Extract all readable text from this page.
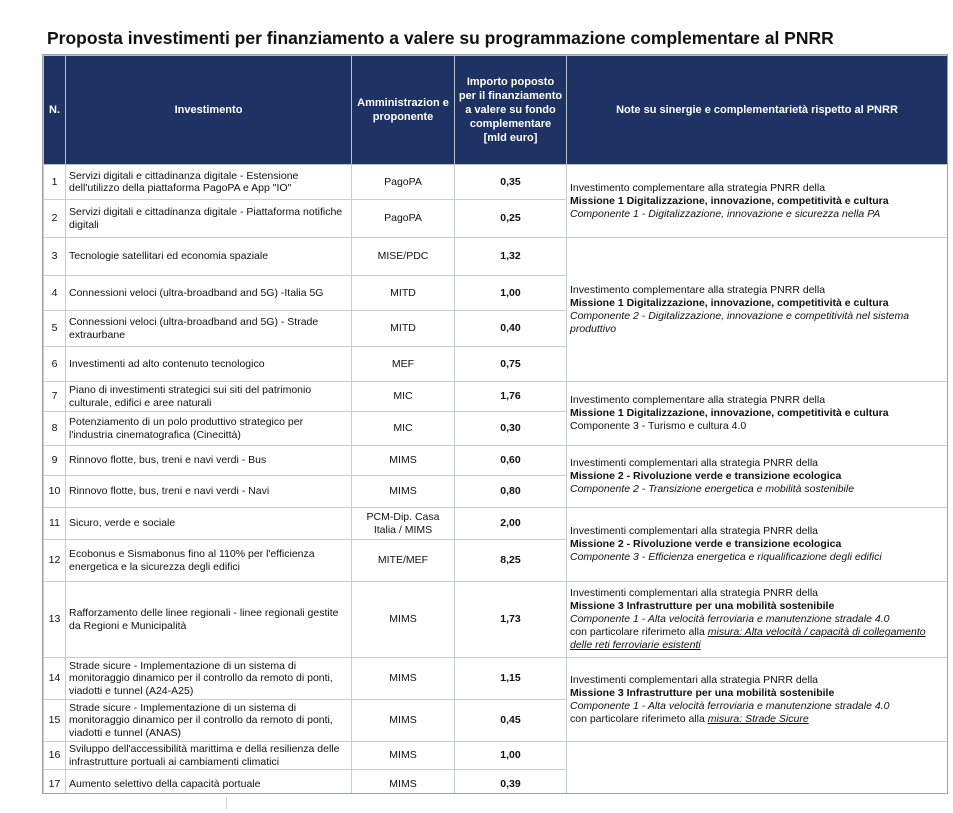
Proposta investimenti per finanziamento a valere su programmazione complementare al PNRR
N.	Investimento	Amministrazion e proponente	Importo poposto per il finanziamento a valere su fondo complementare [mld euro]	Note su sinergie e complementarietà rispetto al PNRR
1	Servizi digitali e cittadinanza digitale - Estensione dell'utilizzo della piattaforma PagoPA e App "IO"	PagoPA	0,35	Investimento complementare alla strategia PNRR della
Missione 1 Digitalizzazione, innovazione, competitività e cultura
Componente 1 - Digitalizzazione, innovazione e sicurezza nella PA

2	Servizi digitali e cittadinanza digitale - Piattaforma notifiche digitali	PagoPA	0,25	
3	Tecnologie satellitari ed economia spaziale	MISE/PDC	1,32	Investimento complementare alla strategia PNRR della
Missione 1 Digitalizzazione, innovazione, competitività e cultura
Componente 2 - Digitalizzazione, innovazione e competitività nel sistema produttivo

4	Connessioni veloci (ultra-broadband and 5G) -Italia 5G	MITD	1,00	
5	Connessioni veloci (ultra-broadband and 5G) - Strade extraurbane	MITD	0,40	
6	Investimenti ad alto contenuto tecnologico	MEF	0,75	
7	Piano di investimenti strategici sui siti del patrimonio culturale, edifici e aree naturali	MIC	1,76	Investimento complementare alla strategia PNRR della
Missione 1 Digitalizzazione, innovazione, competitività e cultura
Componente 3 - Turismo e cultura 4.0

8	Potenziamento di un polo produttivo strategico per l'industria cinematografica (Cinecittà)	MIC	0,30	
9	Rinnovo flotte, bus, treni e navi verdi - Bus	MIMS	0,60	Investimenti complementari alla strategia PNRR della
Missione 2 - Rivoluzione verde e transizione ecologica
Componente 2 - Transizione energetica e mobilità sostenibile

10	Rinnovo flotte, bus, treni e navi verdi - Navi	MIMS	0,80	
11	Sicuro, verde e sociale	PCM-Dip. Casa Italia / MIMS	2,00	Investimenti complementari alla strategia PNRR della
Missione 2 - Rivoluzione verde e transizione ecologica
Componente 3 - Efficienza energetica e riqualificazione degli edifici

12	Ecobonus e Sismabonus fino al 110% per l'efficienza energetica e la sicurezza degli edifici	MITE/MEF	8,25	
13	Rafforzamento delle linee regionali - linee regionali gestite da Regioni e Municipalità	MIMS	1,73	Investimenti complementari alla strategia PNRR della
Missione 3 Infrastrutture per una mobilità sostenibile
Componente 1 - Alta velocità ferroviaria e manutenzione stradale 4.0
con particolare riferimeto alla misura: Alta velocità / capacità di collegamento delle reti ferroviarie esistenti

14	Strade sicure - Implementazione di un sistema di monitoraggio dinamico per il controllo da remoto di ponti, viadotti e tunnel (A24-A25)	MIMS	1,15	Investimenti complementari alla strategia PNRR della
Missione 3 Infrastrutture per una mobilità sostenibile
Componente 1 - Alta velocità ferroviaria e manutenzione stradale 4.0
con particolare riferimeto alla misura: Strade Sicure

15	Strade sicure - Implementazione di un sistema di monitoraggio dinamico per il controllo da remoto di ponti, viadotti e tunnel (ANAS)	MIMS	0,45	
16	Sviluppo dell'accessibilità marittima e della resilienza delle infrastrutture portuali ai cambiamenti climatici	MIMS	1,00	
17	Aumento selettivo della capacità portuale	MIMS	0,39	
